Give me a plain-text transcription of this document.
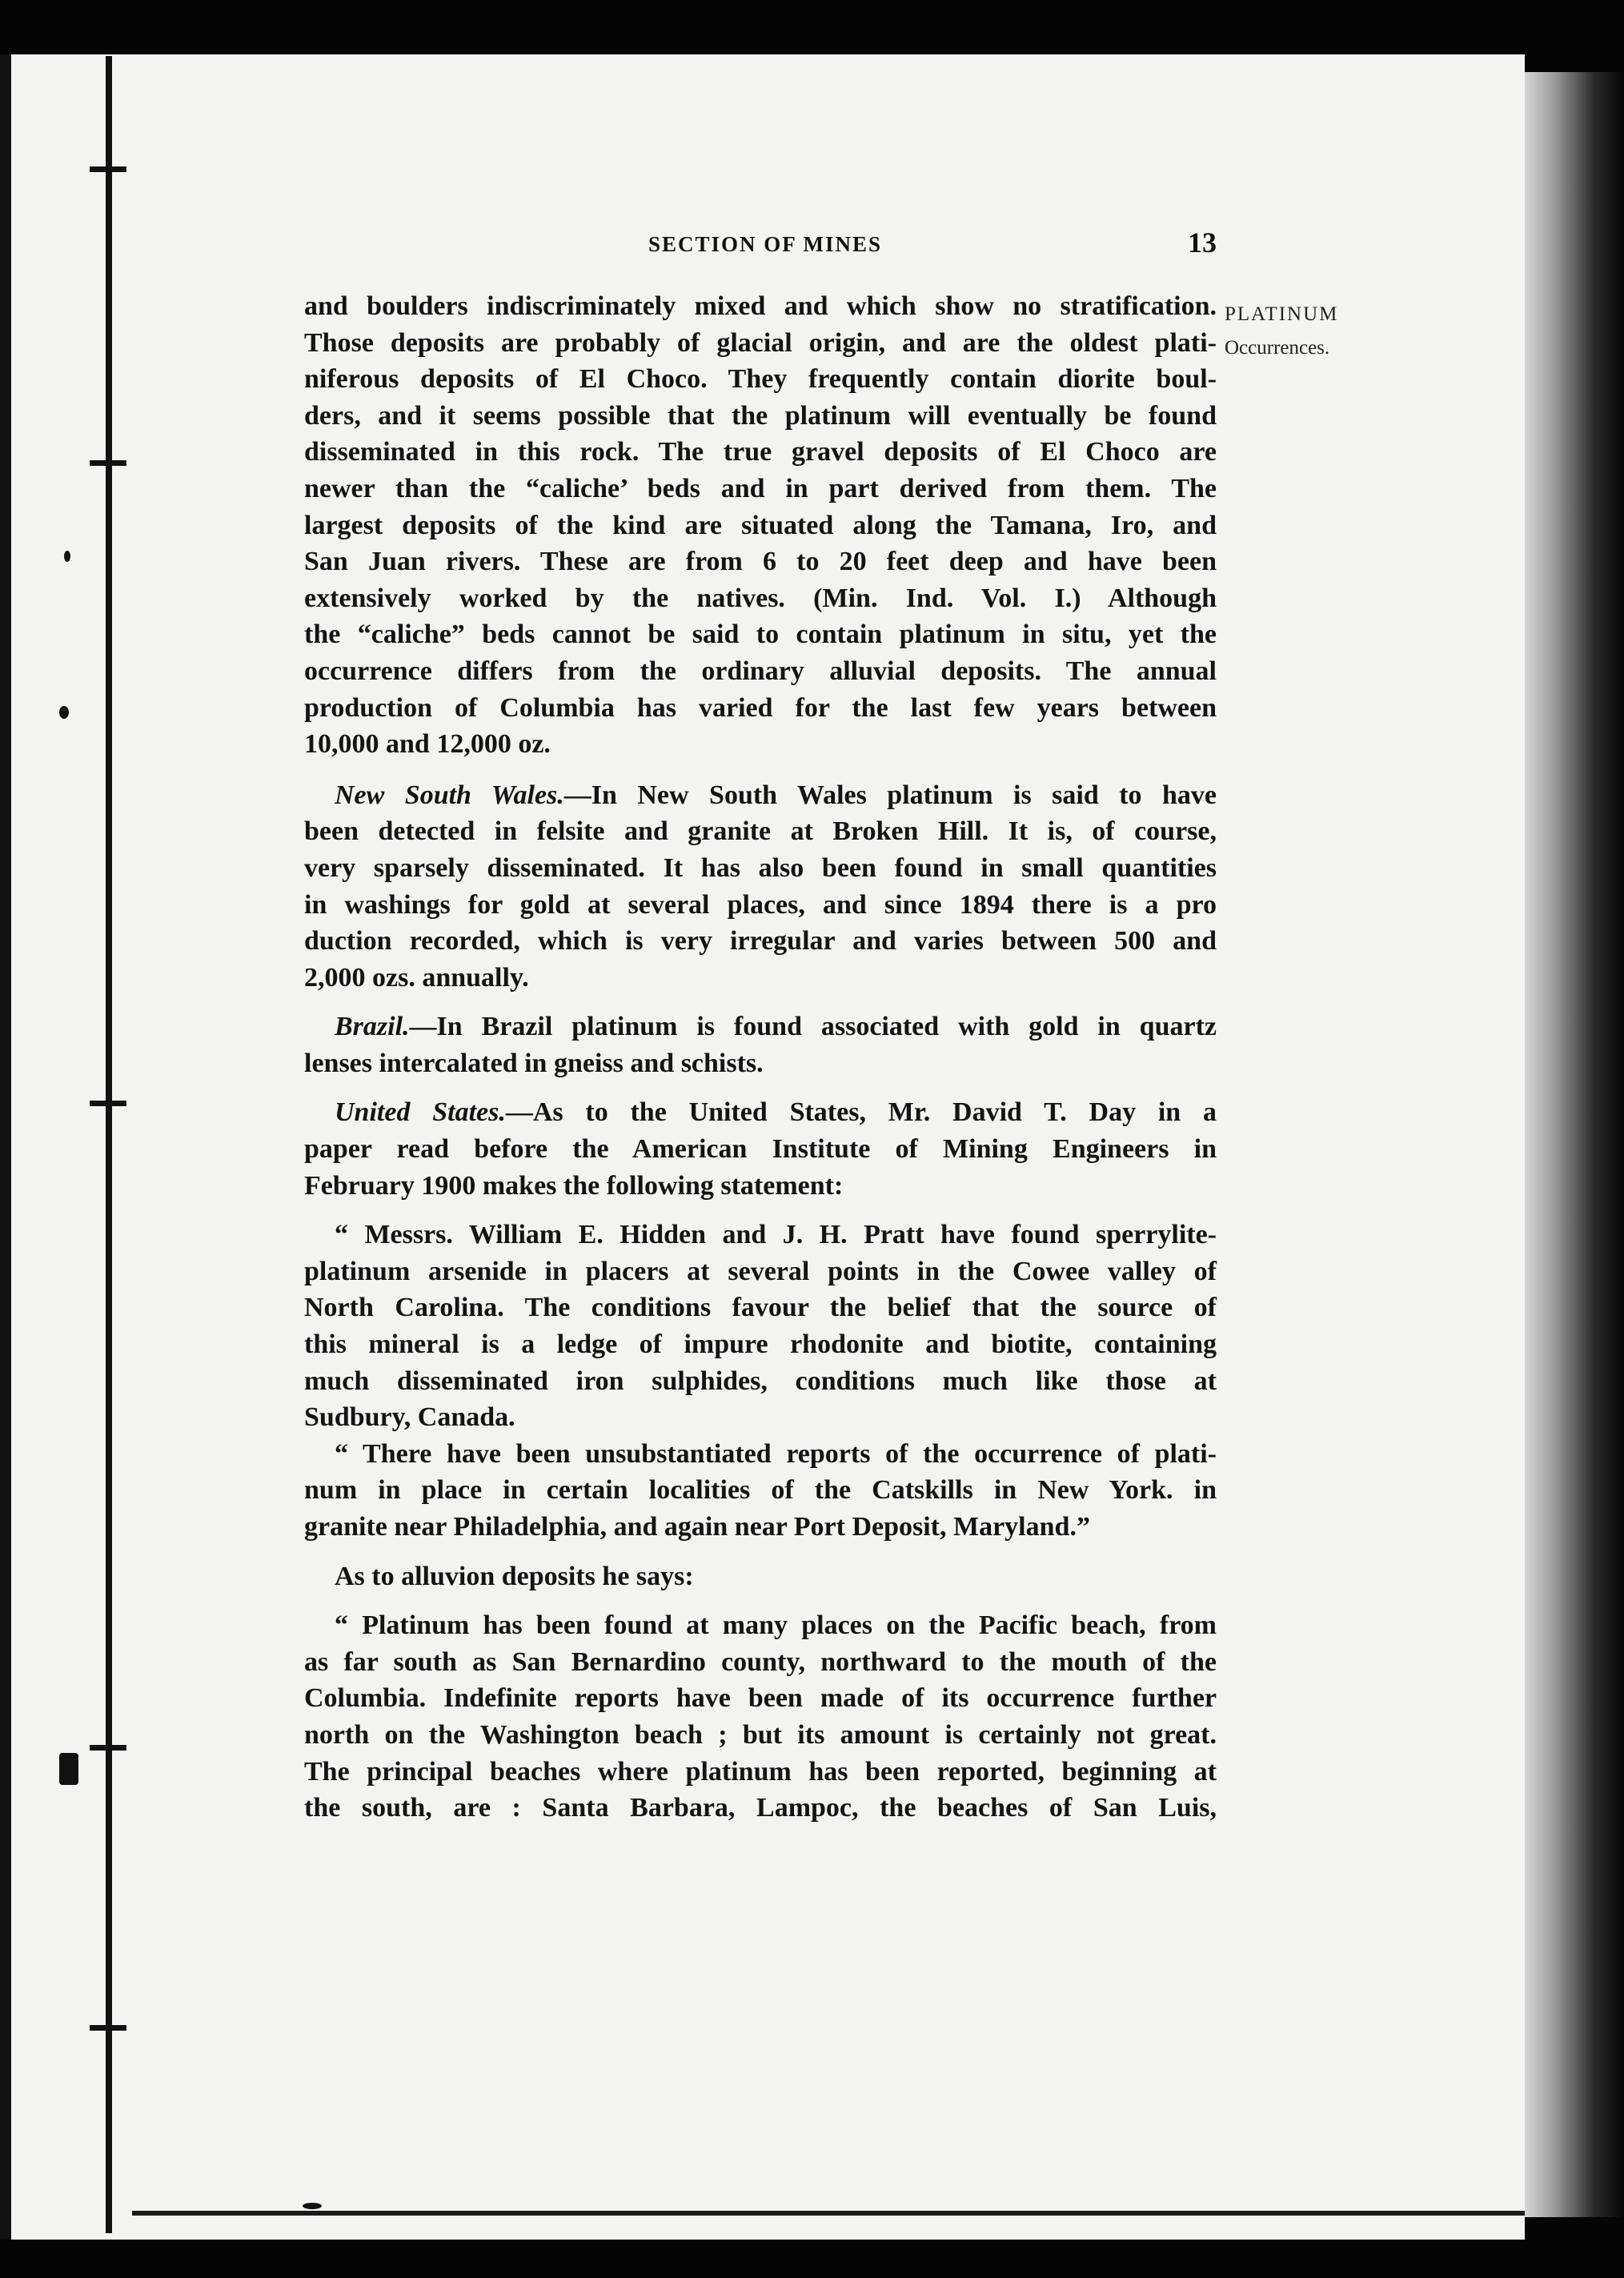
SECTION OF MINES	13
PLATINUM
Occurrences.
and boulders indiscriminately mixed and which show no stratification.
Those deposits are probably of glacial origin, and are the oldest plati-
niferous deposits of El Choco. They frequently contain diorite boul-
ders, and it seems possible that the platinum will eventually be found
disseminated in this rock. The true gravel deposits of El Choco are
newer than the “caliche’ beds and in part derived from them. The
largest deposits of the kind are situated along the Tamana, Iro, and
San Juan rivers. These are from 6 to 20 feet deep and have been
extensively worked by the natives. (Min. Ind. Vol. I.) Although
the “caliche” beds cannot be said to contain platinum in situ, yet the
occurrence differs from the ordinary alluvial deposits. The annual
production of Columbia has varied for the last few years between
10,000 and 12,000 oz.
New South Wales.—In New South Wales platinum is said to have
been detected in felsite and granite at Broken Hill. It is, of course,
very sparsely disseminated. It has also been found in small quantities
in washings for gold at several places, and since 1894 there is a pro
duction recorded, which is very irregular and varies between 500 and
2,000 ozs. annually.
Brazil.—In Brazil platinum is found associated with gold in quartz
lenses intercalated in gneiss and schists.
United States.—As to the United States, Mr. David T. Day in a
paper read before the American Institute of Mining Engineers in
February 1900 makes the following statement:
“ Messrs. William E. Hidden and J. H. Pratt have found sperrylite-
platinum arsenide in placers at several points in the Cowee valley of
North Carolina. The conditions favour the belief that the source of
this mineral is a ledge of impure rhodonite and biotite, containing
much disseminated iron sulphides, conditions much like those at
Sudbury, Canada.
“ There have been unsubstantiated reports of the occurrence of plati-
num in place in certain localities of the Catskills in New York. in
granite near Philadelphia, and again near Port Deposit, Maryland.”
As to alluvion deposits he says:
“ Platinum has been found at many places on the Pacific beach, from
as far south as San Bernardino county, northward to the mouth of the
Columbia. Indefinite reports have been made of its occurrence further
north on the Washington beach ; but its amount is certainly not great.
The principal beaches where platinum has been reported, beginning at
the south, are : Santa Barbara, Lampoc, the beaches of San Luis,
